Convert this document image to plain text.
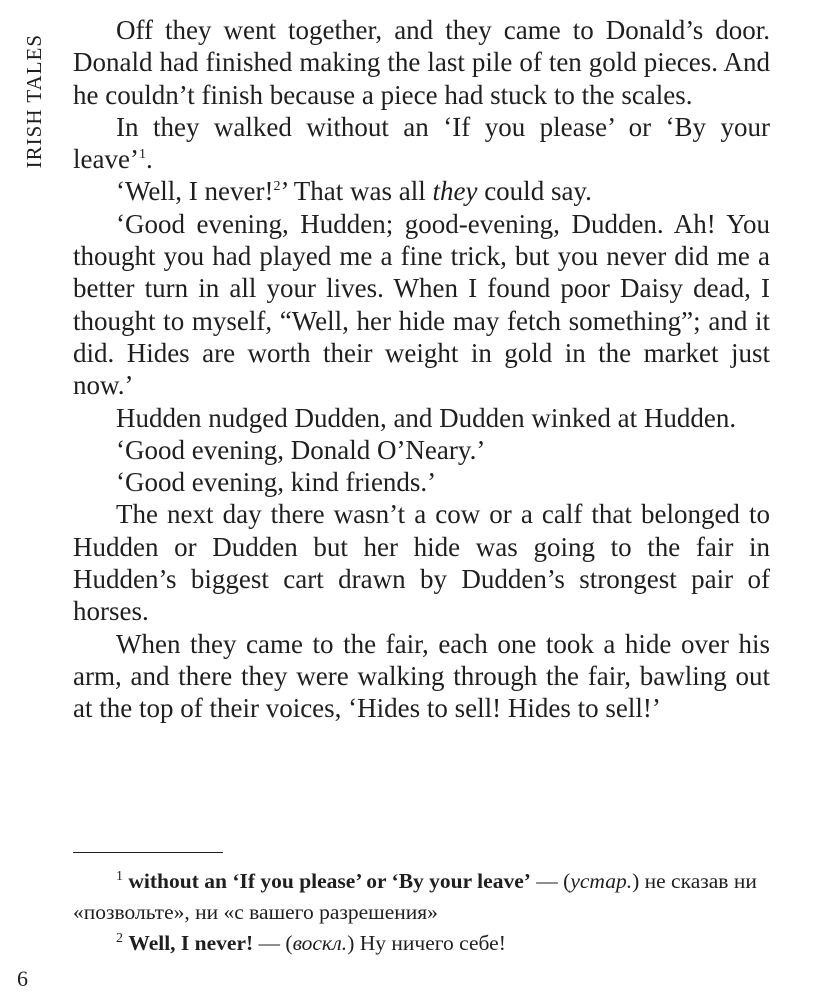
IRISH TALES

Off they went together, and they came to Donald’s door. Donald had finished making the last pile of ten gold pieces. And he couldn’t finish because a piece had stuck to the scales.

In they walked without an ‘If you please’ or ‘By your leave’$^1$.

‘Well, I never!$^2$’ That was all they could say.

‘Good evening, Hudden; good-evening, Dudden. Ah! You thought you had played me a fine trick, but you never did me a better turn in all your lives. When I found poor Daisy dead, I thought to myself, “Well, her hide may fetch something”; and it did. Hides are worth their weight in gold in the market just now.’

Hudden nudged Dudden, and Dudden winked at Hudden.

‘Good evening, Donald O’Neary.’

‘Good evening, kind friends.’

The next day there wasn’t a cow or a calf that belonged to Hudden or Dudden but her hide was going to the fair in Hudden’s biggest cart drawn by Dudden’s strongest pair of horses.

When they came to the fair, each one took a hide over his arm, and there they were walking through the fair, bawling out at the top of their voices, ‘Hides to sell! Hides to sell!’

$^1$ without an ‘If you please’ or ‘By your leave’ — (устар.) не сказав ни «позвольте», ни «с вашего разрешения»

$^2$ Well, I never! — (воскл.) Ну ничего себе!

6
